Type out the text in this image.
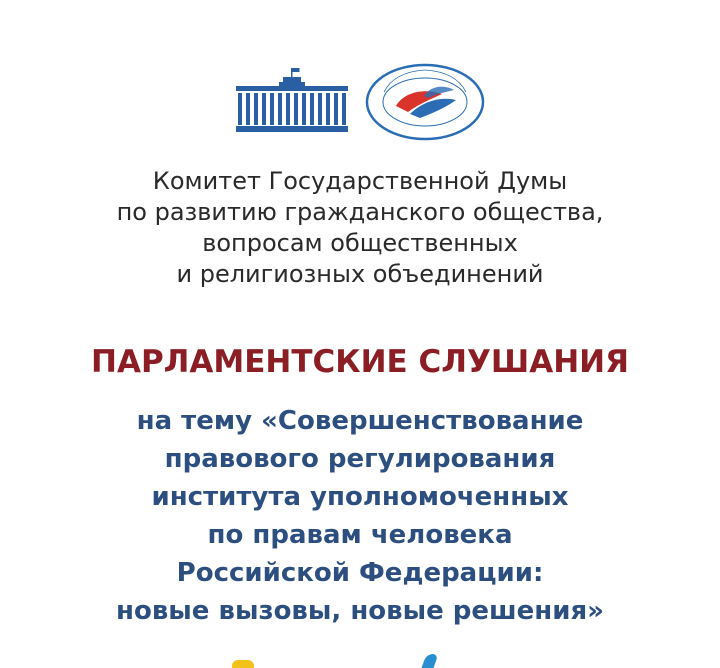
Комитет Государственной Думы
по развитию гражданского общества,
вопросам общественных
и религиозных объединений
ПАРЛАМЕНТСКИЕ СЛУШАНИЯ
на тему «Совершенствование
правового регулирования
института уполномоченных
по правам человека
Российской Федерации:
новые вызовы, новые решения»
